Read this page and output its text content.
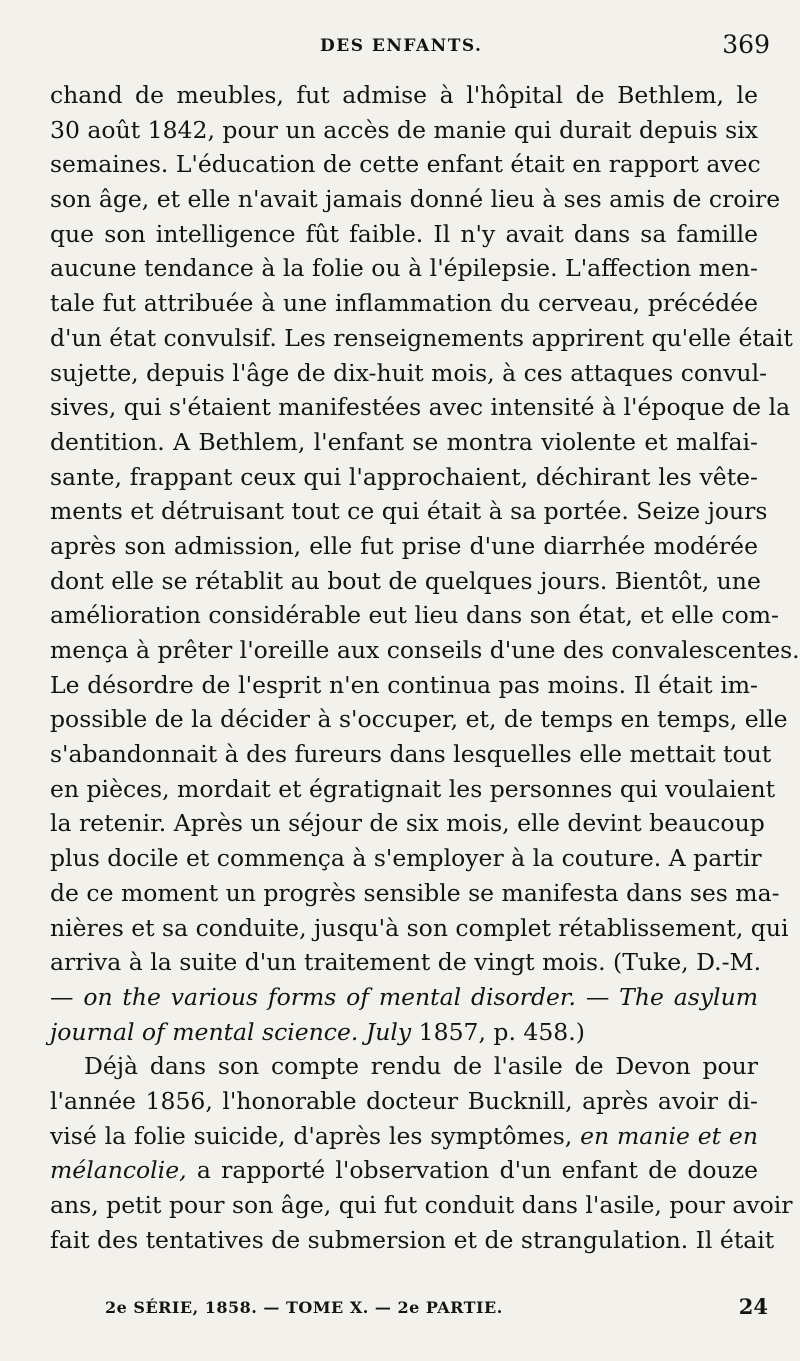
DES ENFANTS.	369
chand de meubles, fut admise à l'hôpital de Bethlem, le
30 août 1842, pour un accès de manie qui durait depuis six
semaines. L'éducation de cette enfant était en rapport avec
son âge, et elle n'avait jamais donné lieu à ses amis de croire
que son intelligence fût faible. Il n'y avait dans sa famille
aucune tendance à la folie ou à l'épilepsie. L'affection men-
tale fut attribuée à une inflammation du cerveau, précédée
d'un état convulsif. Les renseignements apprirent qu'elle était
sujette, depuis l'âge de dix-huit mois, à ces attaques convul-
sives, qui s'étaient manifestées avec intensité à l'époque de la
dentition. A Bethlem, l'enfant se montra violente et malfai-
sante, frappant ceux qui l'approchaient, déchirant les vête-
ments et détruisant tout ce qui était à sa portée. Seize jours
après son admission, elle fut prise d'une diarrhée modérée
dont elle se rétablit au bout de quelques jours. Bientôt, une
amélioration considérable eut lieu dans son état, et elle com-
mença à prêter l'oreille aux conseils d'une des convalescentes.
Le désordre de l'esprit n'en continua pas moins. Il était im-
possible de la décider à s'occuper, et, de temps en temps, elle
s'abandonnait à des fureurs dans lesquelles elle mettait tout
en pièces, mordait et égratignait les personnes qui voulaient
la retenir. Après un séjour de six mois, elle devint beaucoup
plus docile et commença à s'employer à la couture. A partir
de ce moment un progrès sensible se manifesta dans ses ma-
nières et sa conduite, jusqu'à son complet rétablissement, qui
arriva à la suite d'un traitement de vingt mois. (Tuke, D.-M.
— on the various forms of mental disorder. — The asylum
journal of mental science. July 1857, p. 458.)
Déjà dans son compte rendu de l'asile de Devon pour
l'année 1856, l'honorable docteur Bucknill, après avoir di-
visé la folie suicide, d'après les symptômes, en manie et en
mélancolie, a rapporté l'observation d'un enfant de douze
ans, petit pour son âge, qui fut conduit dans l'asile, pour avoir
fait des tentatives de submersion et de strangulation. Il était
2e SÉRIE, 1858. — TOME X. — 2e PARTIE.	24
